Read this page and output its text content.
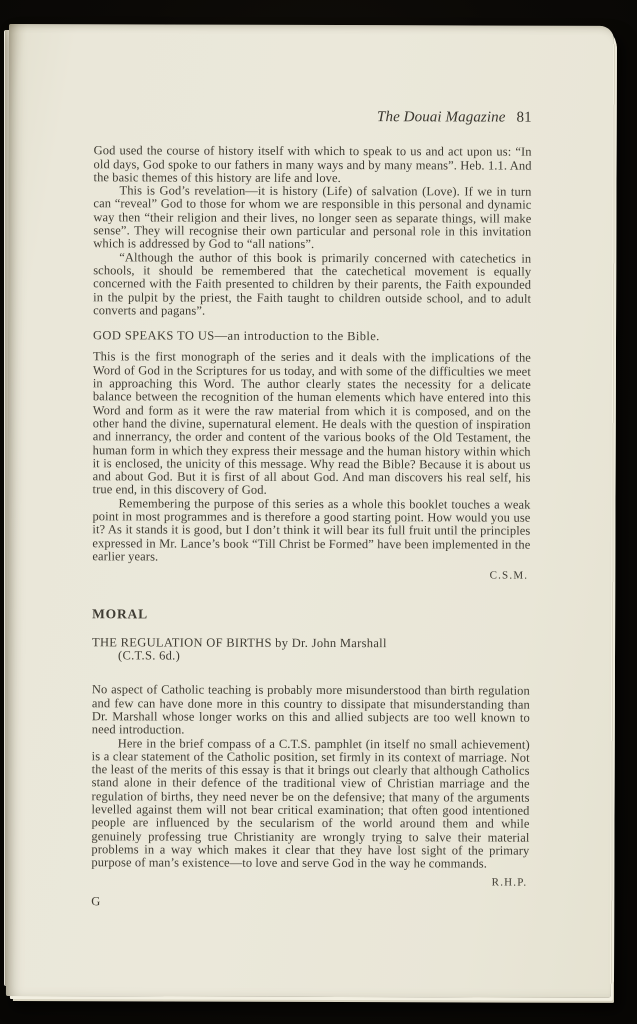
The Douai Magazine 81

God used the course of history itself with which to speak to us and act upon us: “In old days, God spoke to our fathers in many ways and by many means”. Heb. 1.1. And the basic themes of this history are life and love.

This is God’s revelation—it is history (Life) of salvation (Love). If we in turn can “reveal” God to those for whom we are responsible in this personal and dynamic way then “their religion and their lives, no longer seen as separate things, will make sense”. They will recognise their own particular and personal role in this invitation which is addressed by God to “all nations”.

“Although the author of this book is primarily concerned with catechetics in schools, it should be remembered that the catechetical movement is equally concerned with the Faith presented to children by their parents, the Faith expounded in the pulpit by the priest, the Faith taught to children outside school, and to adult converts and pagans”.

GOD SPEAKS TO US—an introduction to the Bible.

This is the first monograph of the series and it deals with the implications of the Word of God in the Scriptures for us today, and with some of the difficulties we meet in approaching this Word. The author clearly states the necessity for a delicate balance between the recognition of the human elements which have entered into this Word and form as it were the raw material from which it is composed, and on the other hand the divine, supernatural element. He deals with the question of inspiration and innerrancy, the order and content of the various books of the Old Testament, the human form in which they express their message and the human history within which it is enclosed, the unicity of this message. Why read the Bible? Because it is about us and about God. But it is first of all about God. And man discovers his real self, his true end, in this discovery of God.

Remembering the purpose of this series as a whole this booklet touches a weak point in most programmes and is therefore a good starting point. How would you use it? As it stands it is good, but I don’t think it will bear its full fruit until the principles expressed in Mr. Lance’s book “Till Christ be Formed” have been implemented in the earlier years.

C.S.M.
MORAL
THE REGULATION OF BIRTHS by Dr. John Marshall
(C.T.S. 6d.)

No aspect of Catholic teaching is probably more misunderstood than birth regulation and few can have done more in this country to dissipate that misunderstanding than Dr. Marshall whose longer works on this and allied subjects are too well known to need introduction.

Here in the brief compass of a C.T.S. pamphlet (in itself no small achievement) is a clear statement of the Catholic position, set firmly in its context of marriage. Not the least of the merits of this essay is that it brings out clearly that although Catholics stand alone in their defence of the traditional view of Christian marriage and the regulation of births, they need never be on the defensive; that many of the arguments levelled against them will not bear critical examination; that often good intentioned people are influenced by the secularism of the world around them and while genuinely professing true Christianity are wrongly trying to salve their material problems in a way which makes it clear that they have lost sight of the primary purpose of man’s existence—to love and serve God in the way he commands.

R.H.P.
G
